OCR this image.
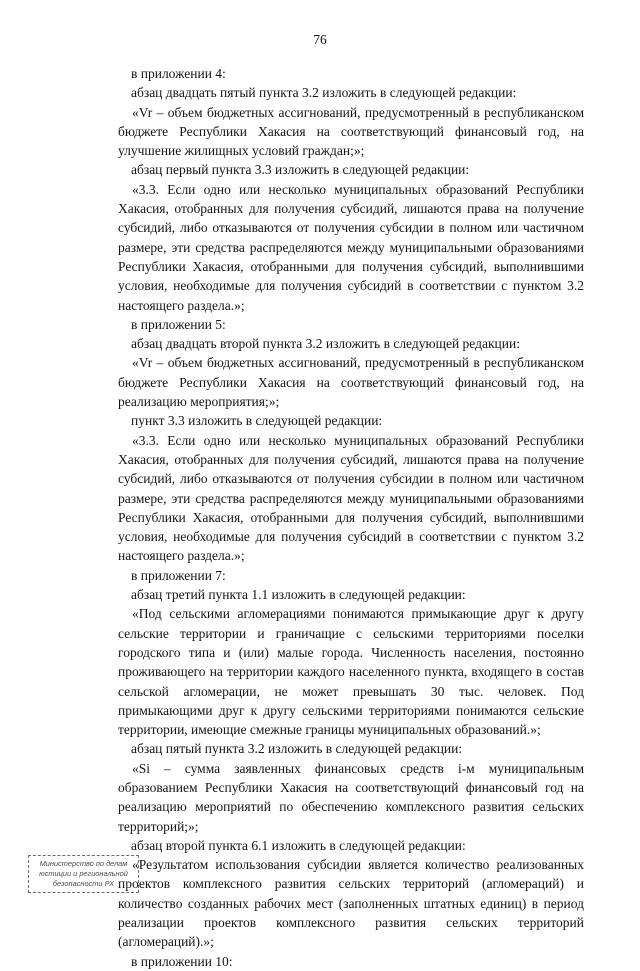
76

в приложении 4:

абзац двадцать пятый пункта 3.2 изложить в следующей редакции:

«Vr – объем бюджетных ассигнований, предусмотренный в республиканском бюджете Республики Хакасия на соответствующий финансовый год, на улучшение жилищных условий граждан;»;

абзац первый пункта 3.3 изложить в следующей редакции:

«3.3. Если одно или несколько муниципальных образований Республики Хакасия, отобранных для получения субсидий, лишаются права на получение субсидий, либо отказываются от получения субсидии в полном или частичном размере, эти средства распределяются между муниципальными образованиями Республики Хакасия, отобранными для получения субсидий, выполнившими условия, необходимые для получения субсидий в соответствии с пунктом 3.2 настоящего раздела.»;

в приложении 5:

абзац двадцать второй пункта 3.2 изложить в следующей редакции:

«Vr – объем бюджетных ассигнований, предусмотренный в республиканском бюджете Республики Хакасия на соответствующий финансовый год, на реализацию мероприятия;»;

пункт 3.3 изложить в следующей редакции:

«3.3. Если одно или несколько муниципальных образований Республики Хакасия, отобранных для получения субсидий, лишаются права на получение субсидий, либо отказываются от получения субсидии в полном или частичном размере, эти средства распределяются между муниципальными образованиями Республики Хакасия, отобранными для получения субсидий, выполнившими условия, необходимые для получения субсидий в соответствии с пунктом 3.2 настоящего раздела.»;

в приложении 7:

абзац третий пункта 1.1 изложить в следующей редакции:

«Под сельскими агломерациями понимаются примыкающие друг к другу сельские территории и граничащие с сельскими территориями поселки городского типа и (или) малые города. Численность населения, постоянно проживающего на территории каждого населенного пункта, входящего в состав сельской агломерации, не может превышать 30 тыс. человек. Под примыкающими друг к другу сельскими территориями понимаются сельские территории, имеющие смежные границы муниципальных образований.»;

абзац пятый пункта 3.2 изложить в следующей редакции:

«Si – сумма заявленных финансовых средств i-м муниципальным образованием Республики Хакасия на соответствующий финансовый год на реализацию мероприятий по обеспечению комплексного развития сельских территорий;»;

абзац второй пункта 6.1 изложить в следующей редакции:

«Результатом использования субсидии является количество реализованных проектов комплексного развития сельских территорий (агломераций) и количество созданных рабочих мест (заполненных штатных единиц) в период реализации проектов комплексного развития сельских территорий (агломераций).»;

в приложении 10:

Министерство по делам
юстиции и региональной
безопасности РХ
